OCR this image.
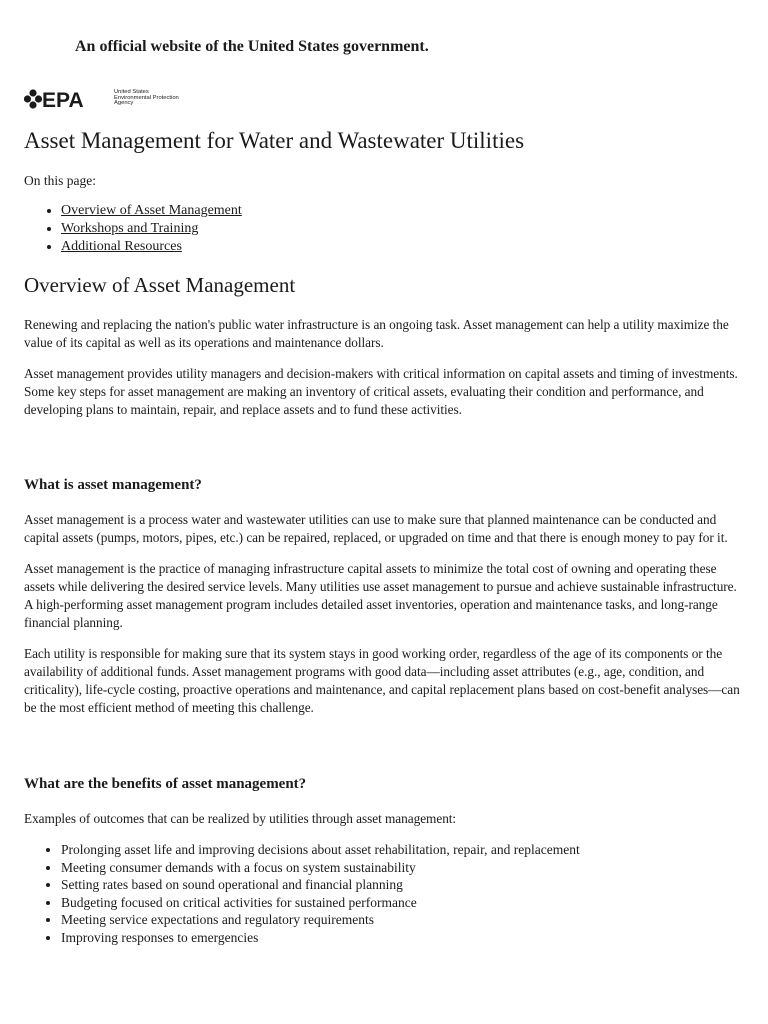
An official website of the United States government.
EPA	United States
Environmental Protection
Agency
Asset Management for Water and Wastewater Utilities
On this page:
• Overview of Asset Management
• Workshops and Training
• Additional Resources
Overview of Asset Management

Renewing and replacing the nation's public water infrastructure is an ongoing task. Asset management can help a utility maximize the value of its capital as well as its operations and maintenance dollars.

Asset management provides utility managers and decision-makers with critical information on capital assets and timing of investments. Some key steps for asset management are making an inventory of critical assets, evaluating their condition and performance, and developing plans to maintain, repair, and replace assets and to fund these activities.

What is asset management?

Asset management is a process water and wastewater utilities can use to make sure that planned maintenance can be conducted and capital assets (pumps, motors, pipes, etc.) can be repaired, replaced, or upgraded on time and that there is enough money to pay for it.

Asset management is the practice of managing infrastructure capital assets to minimize the total cost of owning and operating these assets while delivering the desired service levels. Many utilities use asset management to pursue and achieve sustainable infrastructure. A high-performing asset management program includes detailed asset inventories, operation and maintenance tasks, and long-range financial planning.

Each utility is responsible for making sure that its system stays in good working order, regardless of the age of its components or the availability of additional funds. Asset management programs with good data—including asset attributes (e.g., age, condition, and criticality), life-cycle costing, proactive operations and maintenance, and capital replacement plans based on cost-benefit analyses—can be the most efficient method of meeting this challenge.

What are the benefits of asset management?

Examples of outcomes that can be realized by utilities through asset management:

• Prolonging asset life and improving decisions about asset rehabilitation, repair, and replacement
• Meeting consumer demands with a focus on system sustainability
• Setting rates based on sound operational and financial planning
• Budgeting focused on critical activities for sustained performance
• Meeting service expectations and regulatory requirements
• Improving responses to emergencies
